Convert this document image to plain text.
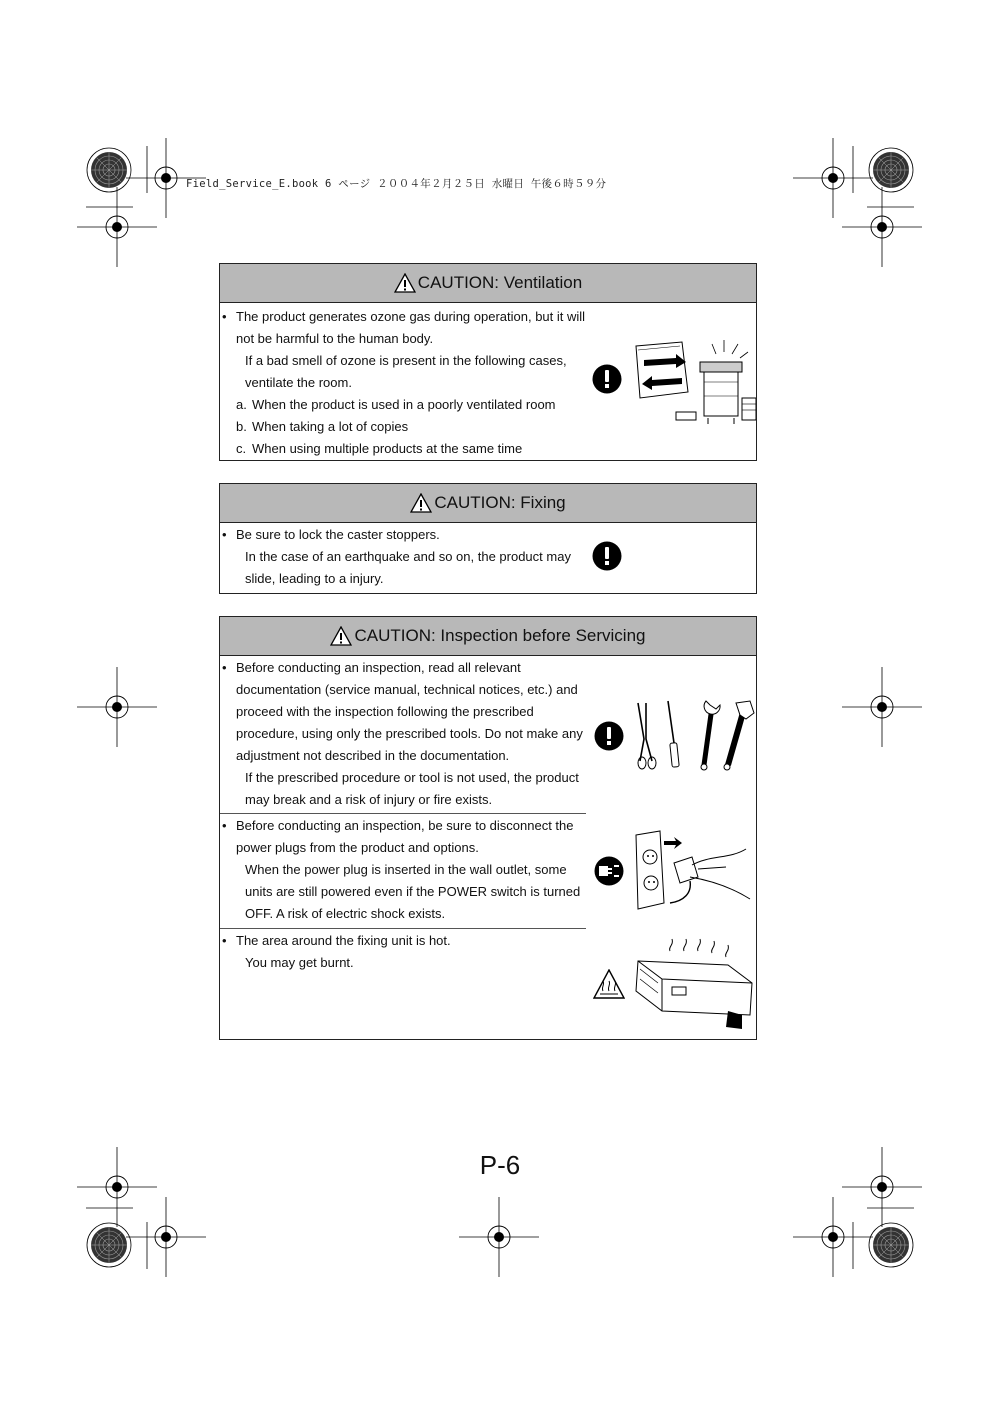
Field_Service_E.book 6 ページ ２００４年２月２５日 水曜日 午後６時５９分
CAUTION: Ventilation

• The product generates ozone gas during operation, but it will not be harmful to the human body.

If a bad smell of ozone is present in the following cases, ventilate the room.

a. When the product is used in a poorly ventilated room

b. When taking a lot of copies

c. When using multiple products at the same time

CAUTION: Fixing

• Be sure to lock the caster stoppers.

In the case of an earthquake and so on, the product may slide, leading to a injury.

CAUTION: Inspection before Servicing

• Before conducting an inspection, read all relevant documentation (service manual, technical notices, etc.) and proceed with the inspection following the prescribed procedure, using only the prescribed tools. Do not make any adjustment not described in the documentation.

If the prescribed procedure or tool is not used, the product may break and a risk of injury or fire exists.

• Before conducting an inspection, be sure to disconnect the power plugs from the product and options.

When the power plug is inserted in the wall outlet, some units are still powered even if the POWER switch is turned OFF. A risk of electric shock exists.

• The area around the fixing unit is hot.

You may get burnt.

P-6
